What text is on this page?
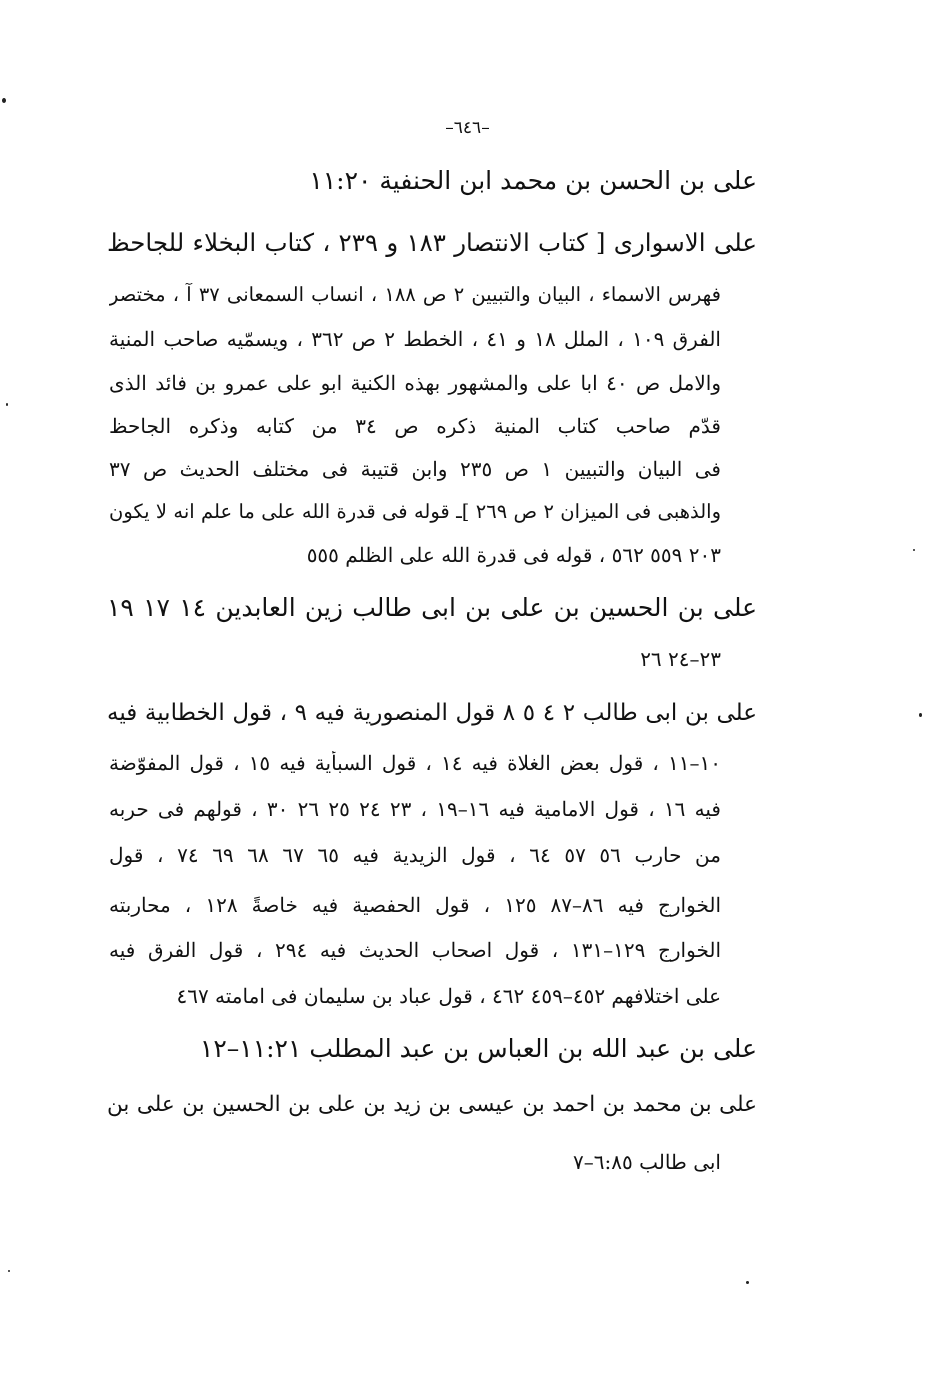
–٦٤٦–
على بن الحسن بن محمد ابن الحنفية ١١:٢٠
على الاسوارى [ كتاب الانتصار ١٨٣ و ٢٣٩ ، كتاب البخلاء للجاحظ
فهرس الاسماء ، البيان والتبيين ٢ ص ١٨٨ ، انساب السمعانى ٣٧ آ ، مختصر
الفرق ١٠٩ ، الملل ١٨ و ٤١ ، الخطط ٢ ص ٣٦٢ ، ويسمّيه صاحب المنية
والامل ص ٤٠ ابا على والمشهور بهذه الكنية ابو على عمرو بن فائد الذى
قدّم صاحب كتاب المنية ذكره ص ٣٤ من كتابه وذكره الجاحظ
فى البيان والتبيين ١ ص ٢٣٥ وابن قتيبة فى مختلف الحديث ص ٣٧
والذهبى فى الميزان ٢ ص ٢٦٩ ]ـ قوله فى قدرة الله على ما علم انه لا يكون
٢٠٣ ٥٥٩ ٥٦٢ ، قوله فى قدرة الله على الظلم ٥٥٥
على بن الحسين بن على بن ابى طالب زين العابدين ١٤ ١٧ ١٩
٢٣–٢٤ ٢٦
على بن ابى طالب ٢ ٤ ٥ ٨ قول المنصورية فيه ٩ ، قول الخطابية فيه
١٠–١١ ، قول بعض الغلاة فيه ١٤ ، قول السبأية فيه ١٥ ، قول المفوّضة
فيه ١٦ ، قول الامامية فيه ١٦–١٩ ، ٢٣ ٢٤ ٢٥ ٢٦ ٣٠ ، قولهم فى حربه
من حارب ٥٦ ٥٧ ٦٤ ، قول الزيدية فيه ٦٥ ٦٧ ٦٨ ٦٩ ٧٤ ، قول
الخوارج فيه ٨٦–٨٧ ١٢٥ ، قول الحفصية فيه خاصةً ١٢٨ ، محاربته
الخوارج ١٢٩–١٣١ ، قول اصحاب الحديث فيه ٢٩٤ ، قول الفرق فيه
على اختلافهم ٤٥٢–٤٥٩ ٤٦٢ ، قول عباد بن سليمان فى امامته ٤٦٧
على بن عبد الله بن العباس بن عبد المطلب ١١:٢١–١٢
على بن محمد بن احمد بن عيسى بن زيد بن على بن الحسين بن على بن
ابى طالب ٦:٨٥–٧
